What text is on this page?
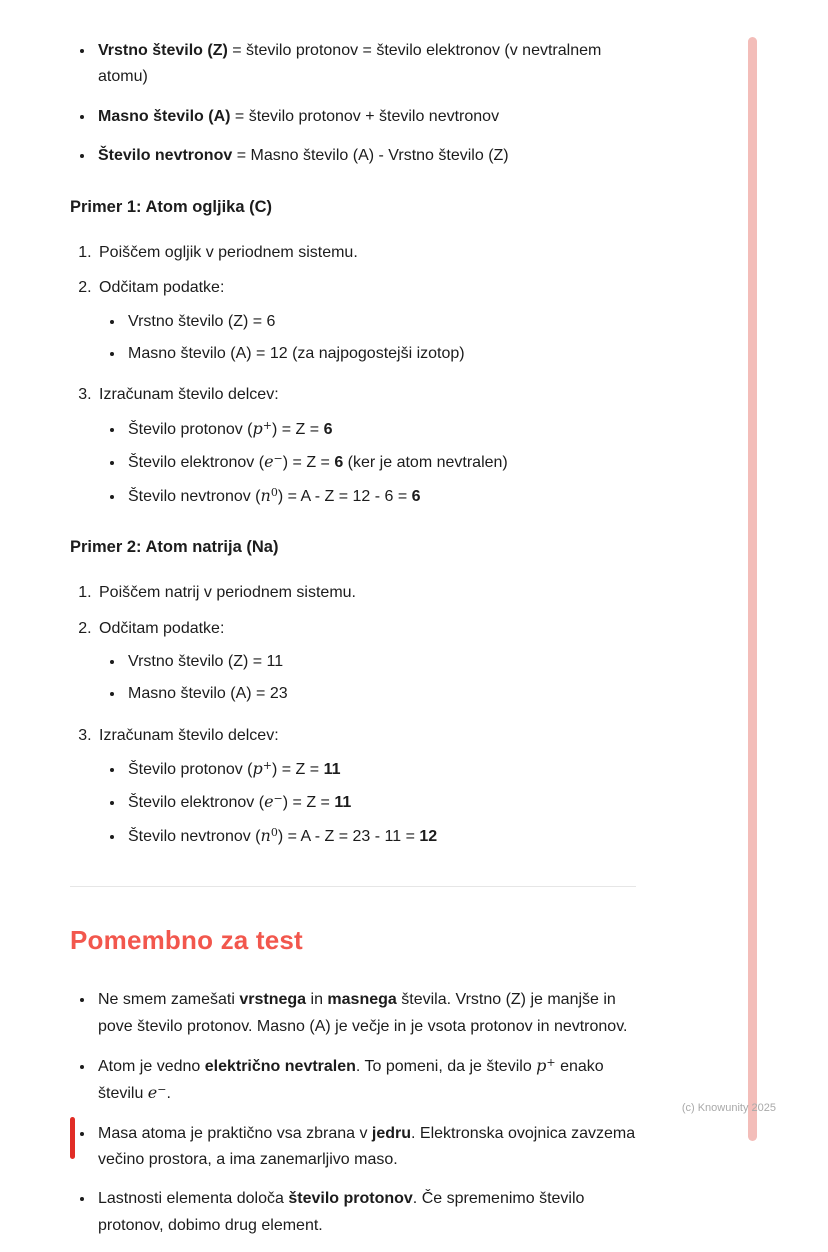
• Vrstno število (Z) = število protonov = število elektronov (v nevtralnem atomu)
• Masno število (A) = število protonov + število nevtronov
• Število nevtronov = Masno število (A) - Vrstno število (Z)
Primer 1: Atom ogljika (C)
1. Poiščem ogljik v periodnem sistemu.
2. Odčitam podatke:
• Vrstno število (Z) = 6
• Masno število (A) = 12 (za najpogostejši izotop)
3. Izračunam število delcev:
• Število protonov (p+) = Z = 6
• Število elektronov (e−) = Z = 6 (ker je atom nevtralen)
• Število nevtronov $(n^0) = A - Z = 12 - 6 = 6$
Primer 2: Atom natrija (Na)
1. Poiščem natrij v periodnem sistemu.
2. Odčitam podatke:
• Vrstno število (Z) = 11
• Masno število (A) = 23
3. Izračunam število delcev:
• Število protonov (p+) = Z = 11
• Število elektronov (e−) = Z = 11
• Število nevtronov $(n^0) = A - Z = 23 - 11 = 12$
Pomembno za test
• Ne smem zamešati vrstnega in masnega števila. Vrstno (Z) je manjše in pove število protonov. Masno (A) je večje in je vsota protonov in nevtronov.
• Atom je vedno električno nevtralen. To pomeni, da je število p+ enako številu e−.
• Masa atoma je praktično vsa zbrana v jedru. Elektronska ovojnica zavzema večino prostora, a ima zanemarljivo maso.
• Lastnosti elementa določa število protonov. Če spremenimo število protonov, dobimo drug element.
(c) Knowunity 2025
